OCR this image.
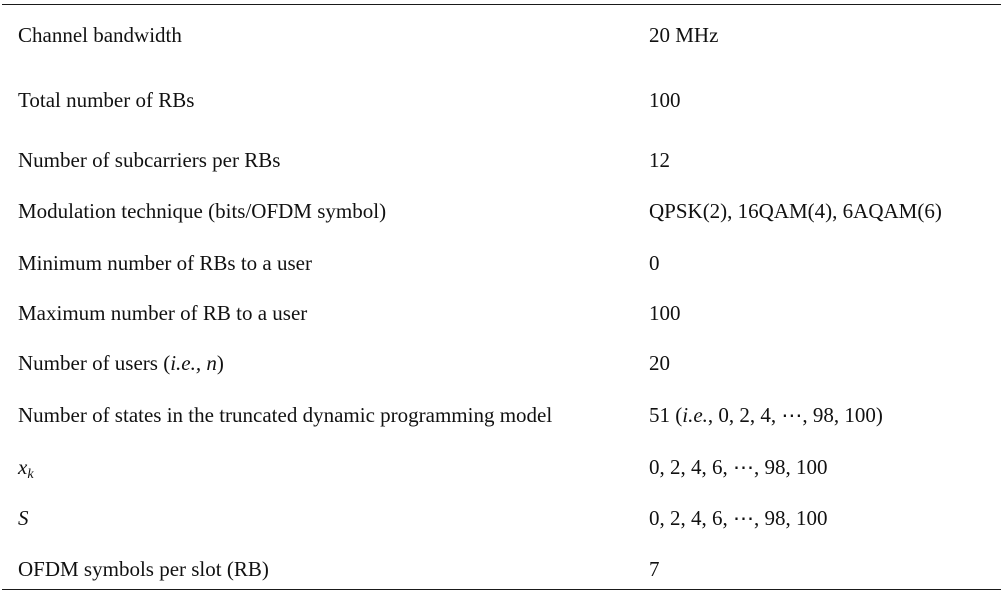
Channel bandwidth	20 MHz
Total number of RBs	100
Number of subcarriers per RBs	12
Modulation technique (bits/OFDM symbol)	QPSK(2), 16QAM(4), 6AQAM(6)
Minimum number of RBs to a user	0
Maximum number of RB to a user	100
Number of users (i.e., n)	20
Number of states in the truncated dynamic programming model	51 (i.e., 0, 2, 4, ⋯, 98, 100)
$x_k$	0, 2, 4, 6, ⋯, 98, 100
S	0, 2, 4, 6, ⋯, 98, 100
OFDM symbols per slot (RB)	7
